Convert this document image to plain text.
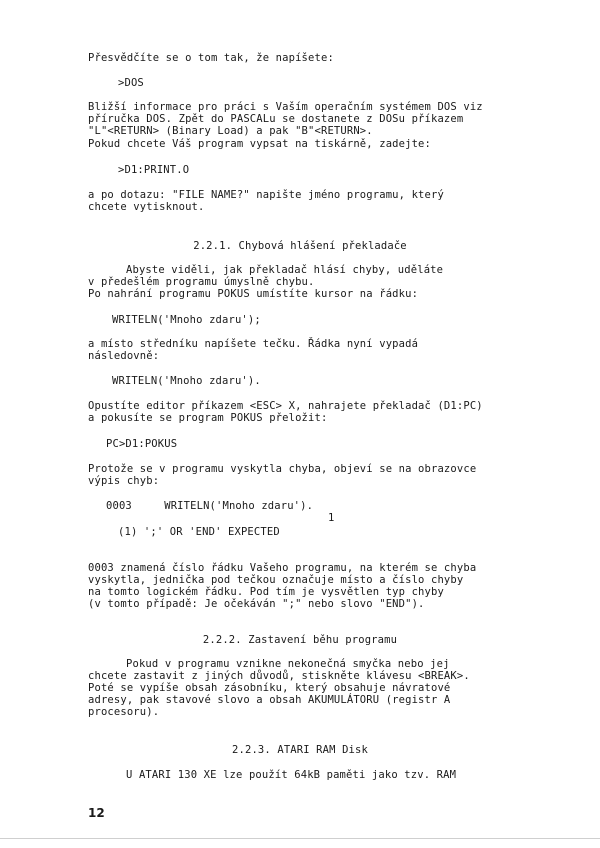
Přesvědčíte se o tom tak, že napíšete:
>DOS
Bližší informace pro práci s Vaším operačním systémem DOS viz
příručka DOS. Zpět do PASCALu se dostanete z DOSu příkazem
"L"<RETURN> (Binary Load) a pak "B"<RETURN>.
Pokud chcete Váš program vypsat na tiskárně, zadejte:
>D1:PRINT.O
a po dotazu: "FILE NAME?" napište jméno programu, který
chcete vytisknout.
2.2.1. Chybová hlášení překladače
Abyste viděli, jak překladač hlásí chyby, uděláte
v předešlém programu úmyslně chybu.
Po nahrání programu POKUS umístíte kursor na řádku:
WRITELN('Mnoho zdaru');
a místo středníku napíšete tečku. Řádka nyní vypadá
následovně:
WRITELN('Mnoho zdaru').
Opustíte editor příkazem <ESC> X, nahrajete překladač (D1:PC)
a pokusíte se program POKUS přeložit:
PC>D1:POKUS
Protože se v programu vyskytla chyba, objeví se na obrazovce
výpis chyb:
0003     WRITELN('Mnoho zdaru').
1
(1) ';' OR 'END' EXPECTED
0003 znamená číslo řádku Vašeho programu, na kterém se chyba
vyskytla, jednička pod tečkou označuje místo a číslo chyby
na tomto logickém řádku. Pod tím je vysvětlen typ chyby
(v tomto případě: Je očekáván ";" nebo slovo "END").
2.2.2. Zastavení běhu programu
Pokud v programu vznikne nekonečná smyčka nebo jej
chcete zastavit z jiných důvodů, stiskněte klávesu <BREAK>.
Poté se vypíše obsah zásobníku, který obsahuje návratové
adresy, pak stavové slovo a obsah AKUMULÁTORU (registr A
procesoru).
2.2.3. ATARI RAM Disk
U ATARI 130 XE lze použít 64kB paměti jako tzv. RAM
12
